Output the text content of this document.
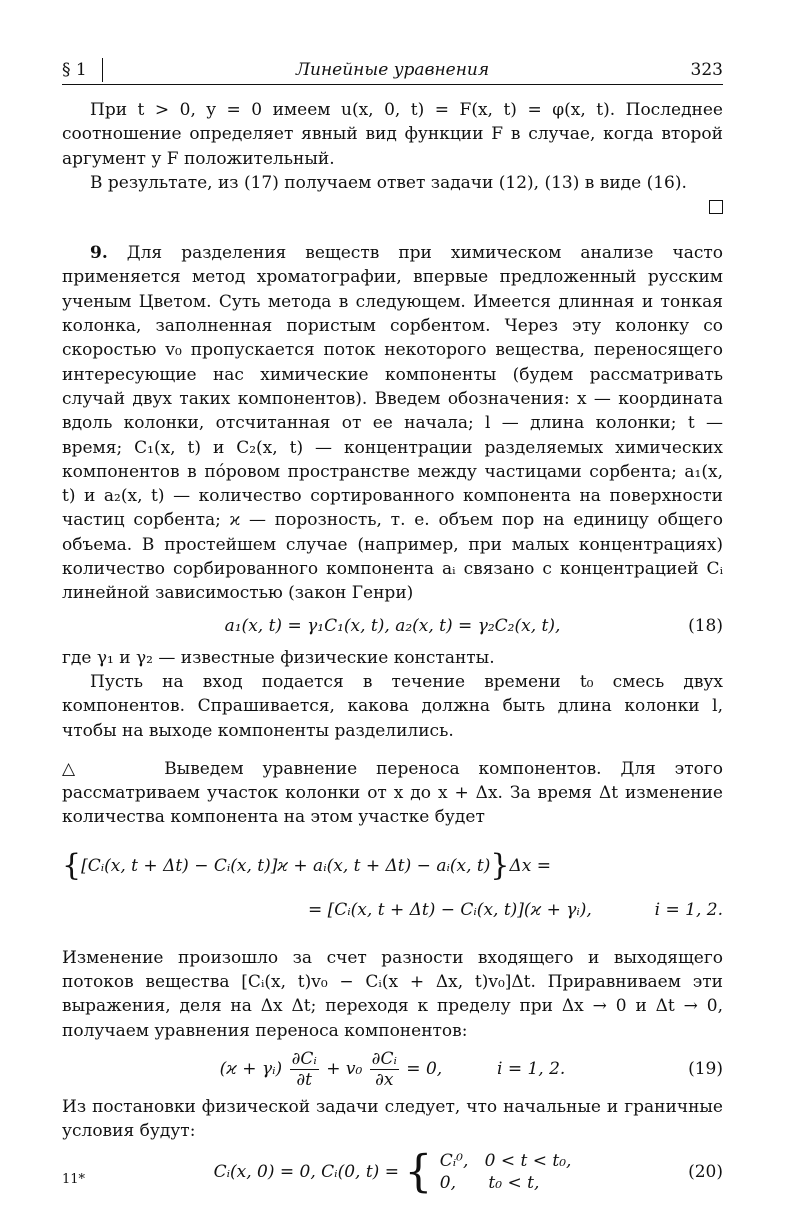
§ 1	Линейные уравнения	323

При t > 0, y = 0 имеем u(x, 0, t) = F(x, t) = φ(x, t). Последнее соотношение определяет явный вид функции F в случае, когда второй аргумент у F положительный.

В результате, из (17) получаем ответ задачи (12), (13) в виде (16).

9. Для разделения веществ при химическом анализе часто применяется метод хроматографии, впервые предложенный русским ученым Цветом. Суть метода в следующем. Имеется длинная и тонкая колонка, заполненная пористым сорбентом. Через эту колонку со скоростью v₀ пропускается поток некоторого вещества, переносящего интересующие нас химические компоненты (будем рассматривать случай двух таких компонентов). Введем обозначения: x — координата вдоль колонки, отсчитанная от ее начала; l — длина колонки; t — время; C₁(x, t) и C₂(x, t) — концентрации разделяемых химических компонентов в пóровом пространстве между частицами сорбента; a₁(x, t) и a₂(x, t) — количество сортированного компонента на поверхности частиц сорбента; ϰ — порозность, т. е. объем пор на единицу общего объема. В простейшем случае (например, при малых концентрациях) количество сорбированного компонента aᵢ связано с концентрацией Cᵢ линейной зависимостью (закон Генри)

a₁(x, t) = γ₁C₁(x, t), a₂(x, t) = γ₂C₂(x, t),	(18)

где γ₁ и γ₂ — известные физические константы.

Пусть на вход подается в течение времени t₀ смесь двух компонентов. Спрашивается, какова должна быть длина колонки l, чтобы на выходе компоненты разделились.

△	Выведем уравнение переноса компонентов. Для этого рассматриваем участок колонки от x до x + Δx. За время Δt изменение количества компонента на этом участке будет

{[Cᵢ(x, t + Δt) − Cᵢ(x, t)]ϰ + aᵢ(x, t + Δt) − aᵢ(x, t)}Δx =
= [Cᵢ(x, t + Δt) − Cᵢ(x, t)](ϰ + γᵢ),	i = 1, 2.

Изменение произошло за счет разности входящего и выходящего потоков вещества [Cᵢ(x, t)v₀ − Cᵢ(x + Δx, t)v₀]Δt. Приравниваем эти выражения, деля на Δx Δt; переходя к пределу при Δx → 0 и Δt → 0, получаем уравнения переноса компонентов:

(ϰ + γᵢ) $\frac{\text{∂Cᵢ}}{\partial t} + v_0 \frac{\text{∂Cᵢ}}{\partial x} = 0$,	i = 1, 2.	(19)

Из постановки физической задачи следует, что начальные и граничные условия будут:

Cᵢ(x, 0) = 0, Cᵢ(0, t) = { Cᵢ⁰, 0 < t < t₀,
0, t₀ < t,
(20)
11*
